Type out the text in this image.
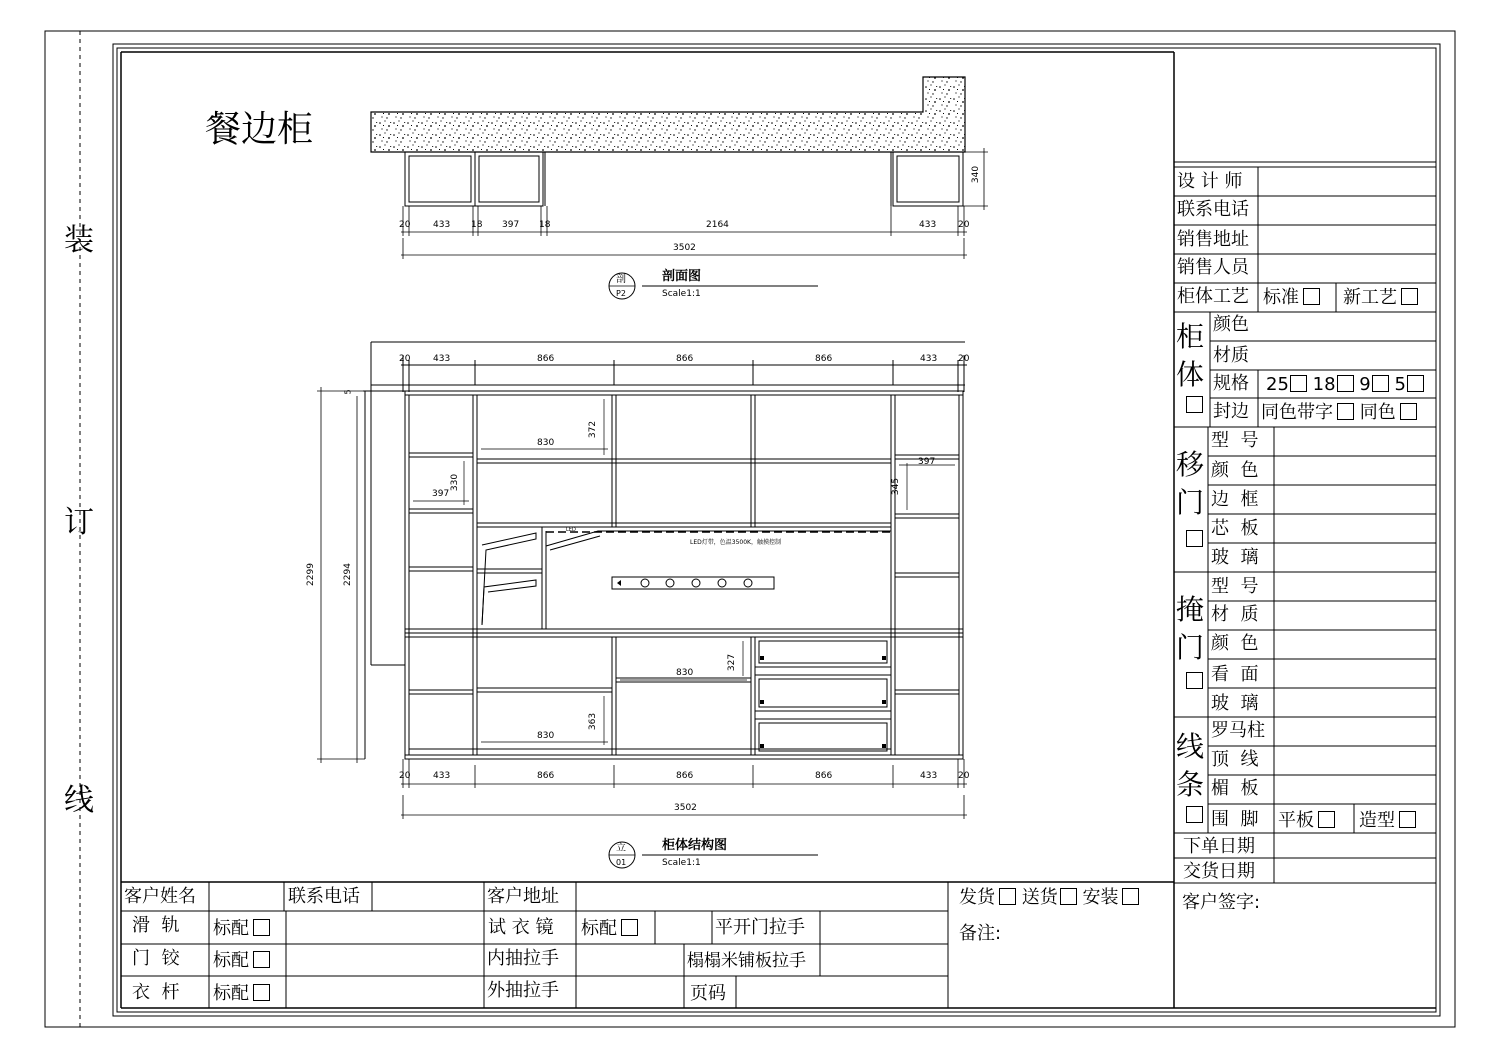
装
订
线
餐边柜
340
20	433 18 397 18	2164	433 20
3502
剖
P2
剖面图
Scale1:1
20	433	866	866	866	433 20
2299	2294
5
830
372
397
330
397
345
830
327
830
363
LED
LED灯带，色温3500K，触摸控制
20	433	866	866	866	433 20
3502
立
01
柜体结构图
Scale1:1
设 计 师
联系电话
销售地址
销售人员
柜体工艺 标准	新工艺
柜
体
颜色
材质
规格 25 18 9 5
封边 同色带字 同色
移
门
型  号
颜  色
边  框
芯  板
玻  璃
掩
门
型  号
材  质
颜  色
看  面
玻  璃
线
条
罗马柱
顶  线
楣  板
围  脚 平板	造型
下单日期
交货日期
客户签字:
客户姓名	联系电话	客户地址	发货 送货 安装
备注:
滑  轨 标配	试 衣 镜 标配	平开门拉手
门  铰 标配	内抽拉手	榻榻米铺板拉手
衣  杆 标配	外抽拉手	页码
